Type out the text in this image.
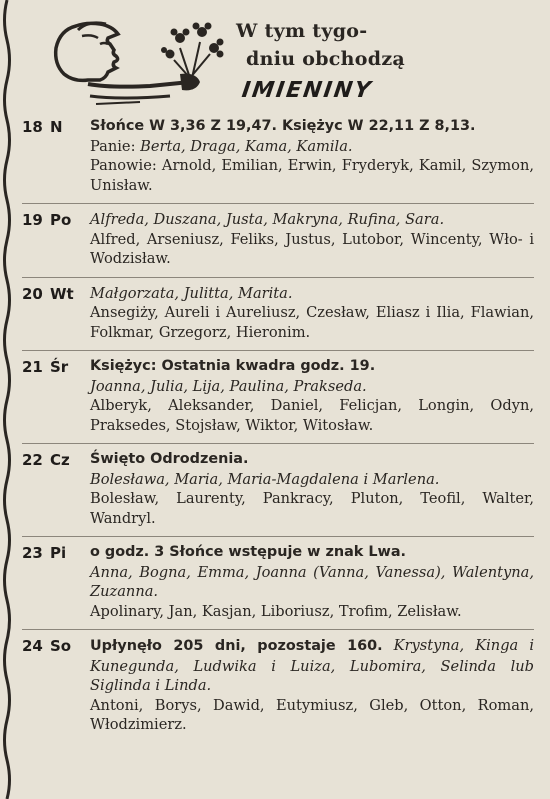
W tym tygo-
dniu obchodzą
IMIENINY
18 N	Słońce W 3,36 Z 19,47. Księżyc W 22,11 Z 8,13.
Panie: Berta, Draga, Kama, Kamila.
Panowie: Arnold, Emilian, Erwin, Fryderyk, Kamil, Szymon, Unisław.
19 Po	Alfreda, Duszana, Justa, Makryna, Rufina, Sara.
Alfred, Arseniusz, Feliks, Justus, Lutobor, Wincenty, Wło- i Wodzisław.
20 Wt	Małgorzata, Julitta, Marita.
Ansegiży, Aureli i Aureliusz, Czesław, Eliasz i Ilia, Flawian, Folkmar, Grzegorz, Hieronim.
21 Śr	Księżyc: Ostatnia kwadra godz. 19.
Joanna, Julia, Lija, Paulina, Prakseda.
Alberyk, Aleksander, Daniel, Felicjan, Longin, Odyn, Praksedes, Stojsław, Wiktor, Witosław.
22 Cz	Święto Odrodzenia.
Bolesława, Maria, Maria-Magdalena i Marlena.
Bolesław, Laurenty, Pankracy, Pluton, Teofil, Walter, Wandryl.
23 Pi	o godz. 3 Słońce wstępuje w znak Lwa.
Anna, Bogna, Emma, Joanna (Vanna, Vanessa), Walentyna, Zuzanna.
Apolinary, Jan, Kasjan, Liboriusz, Trofim, Zelisław.
24 So	Upłynęło 205 dni, pozostaje 160. Krystyna, Kinga i Kunegunda, Ludwika i Luiza, Lubomira, Selinda lub Siglinda i Linda.
Antoni, Borys, Dawid, Eutymiusz, Gleb, Otton, Roman, Włodzimierz.
